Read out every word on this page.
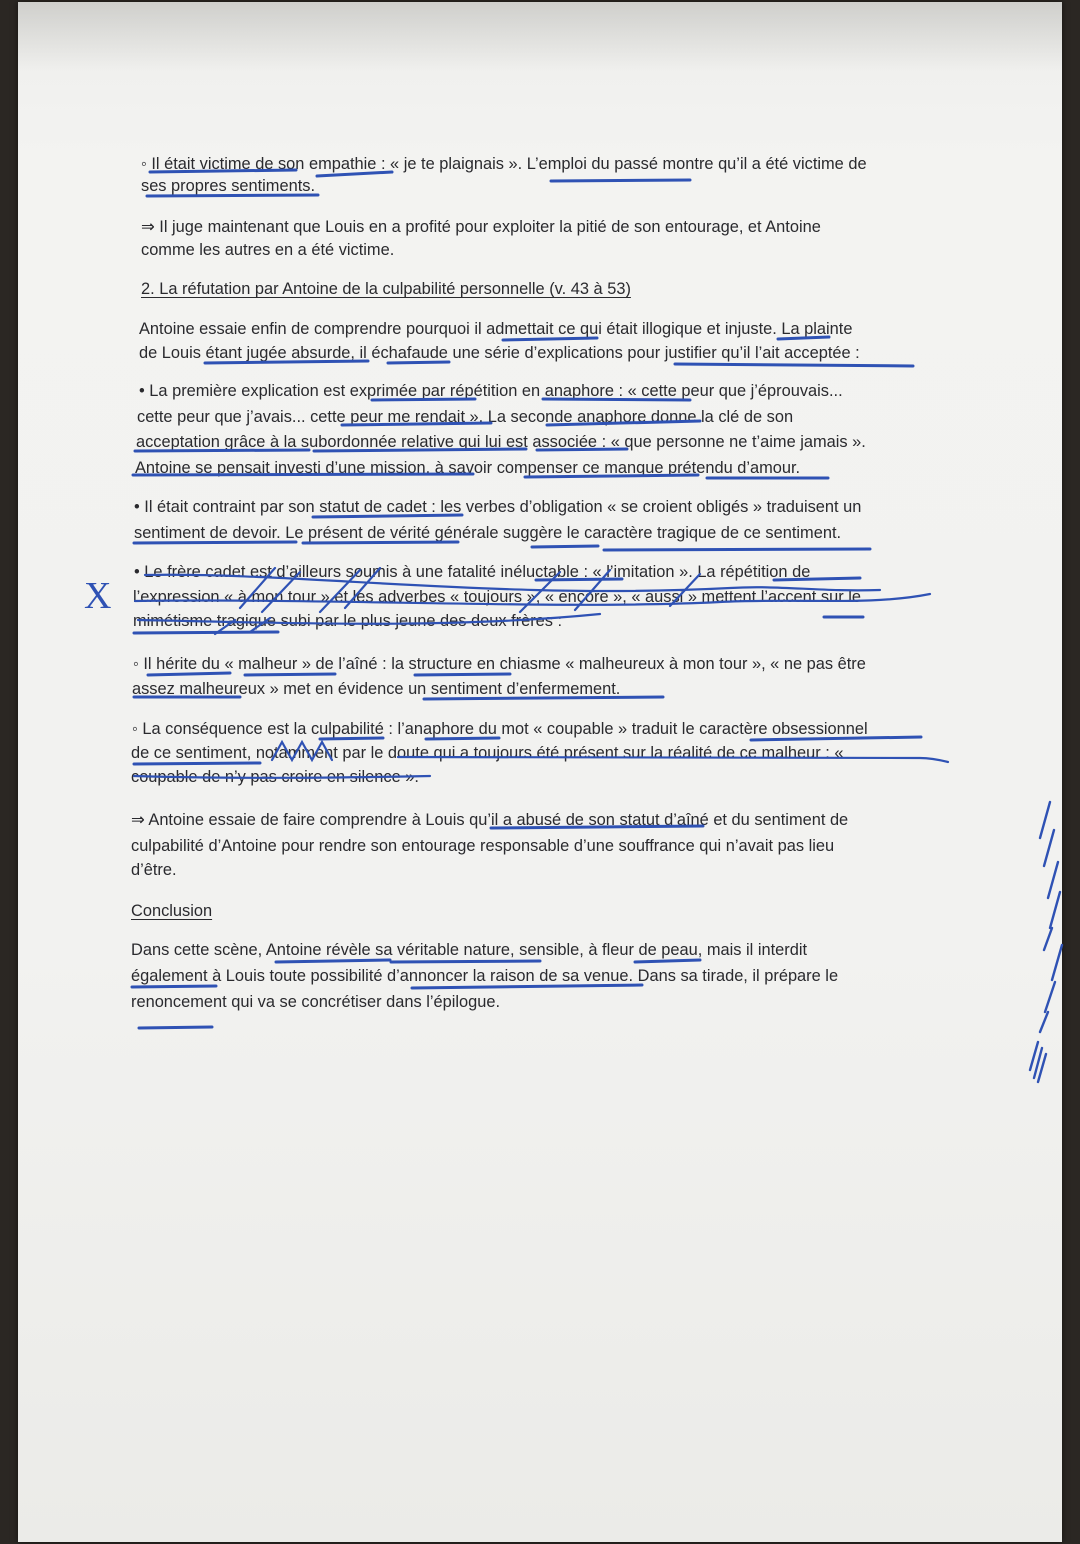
◦ Il était victime de son empathie : « je te plaignais ». L’emploi du passé montre qu’il a été victime de

ses propres sentiments.

⇒ Il juge maintenant que Louis en a profité pour exploiter la pitié de son entourage, et Antoine

comme les autres en a été victime.

2. La réfutation par Antoine de la culpabilité personnelle (v. 43 à 53)

Antoine essaie enfin de comprendre pourquoi il admettait ce qui était illogique et injuste. La plainte

de Louis étant jugée absurde, il échafaude une série d’explications pour justifier qu’il l’ait acceptée :

• La première explication est exprimée par répétition en anaphore : « cette peur que j’éprouvais...

cette peur que j’avais... cette peur me rendait ». La seconde anaphore donne la clé de son

acceptation grâce à la subordonnée relative qui lui est associée : « que personne ne t’aime jamais ».

Antoine se pensait investi d’une mission, à savoir compenser ce manque prétendu d’amour.

• Il était contraint par son statut de cadet : les verbes d’obligation « se croient obligés » traduisent un

sentiment de devoir. Le présent de vérité générale suggère le caractère tragique de ce sentiment.

• Le frère cadet est d’ailleurs soumis à une fatalité inéluctable : « l’imitation ». La répétition de

l’expression « à mon tour » et les adverbes « toujours », « encore », « aussi » mettent l’accent sur le

mimétisme tragique subi par le plus jeune des deux frères :

◦ Il hérite du « malheur » de l’aîné : la structure en chiasme « malheureux à mon tour », « ne pas être

assez malheureux » met en évidence un sentiment d’enfermement.

◦ La conséquence est la culpabilité : l’anaphore du mot « coupable » traduit le caractère obsessionnel

de ce sentiment, notamment par le doute qui a toujours été présent sur la réalité de ce malheur : «

coupable de n’y pas croire en silence ».

⇒ Antoine essaie de faire comprendre à Louis qu’il a abusé de son statut d’aîné et du sentiment de

culpabilité d’Antoine pour rendre son entourage responsable d’une souffrance qui n’avait pas lieu

d’être.

Conclusion

Dans cette scène, Antoine révèle sa véritable nature, sensible, à fleur de peau, mais il interdit

également à Louis toute possibilité d’annoncer la raison de sa venue. Dans sa tirade, il prépare le

renoncement qui va se concrétiser dans l’épilogue.

X
